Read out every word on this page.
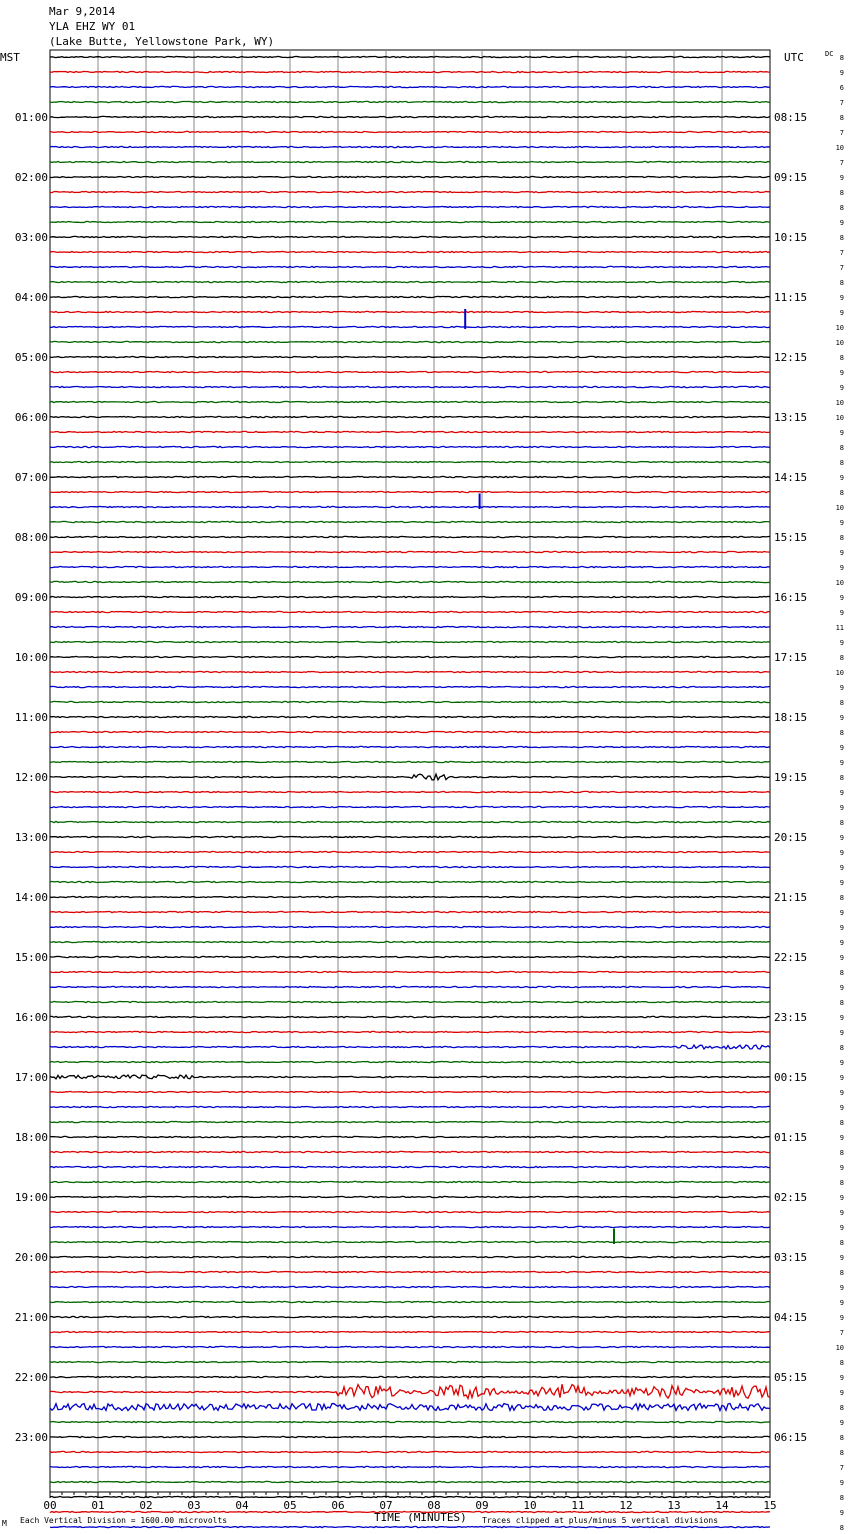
Mar 9,2014
YLA EHZ WY 01
(Lake Butte, Yellowstone Park, WY)
8
9
6
7
8
7
10
7
9
8
8
9
8
7
7
8
9
9
10
10
8
9
9
10
10
9
8
8
9
8
10
9
8
9
9
10
9
9
11
9
8
10
9
8
9
8
9
9
8
9
9
8
9
9
9
9
8
9
9
9
9
8
9
8
9
9
8
9
9
9
9
8
9
8
9
8
9
9
9
8
9
8
9
9
9
7
10
8
9
9
8
9
8
8
7
9
8
9
8
01:00
02:00
03:00
04:00
05:00
06:00
07:00
08:00
09:00
10:00
11:00
12:00
13:00
14:00
15:00
16:00
17:00
18:00
19:00
20:00
21:00
22:00
23:00
08:15
09:15
10:15
11:15
12:15
13:15
14:15
15:15
16:15
17:15
18:15
19:15
20:15
21:15
22:15
23:15
00:15
01:15
02:15
03:15
04:15
05:15
06:15
MST	UTC	DC
00	01	02	03	04	05	06	07	08	09	10	11	12	13	14	15
M Each Vertical Division = 1600.00 microvolts	TIME (MINUTES) Traces clipped at plus/minus 5 vertical divisions
